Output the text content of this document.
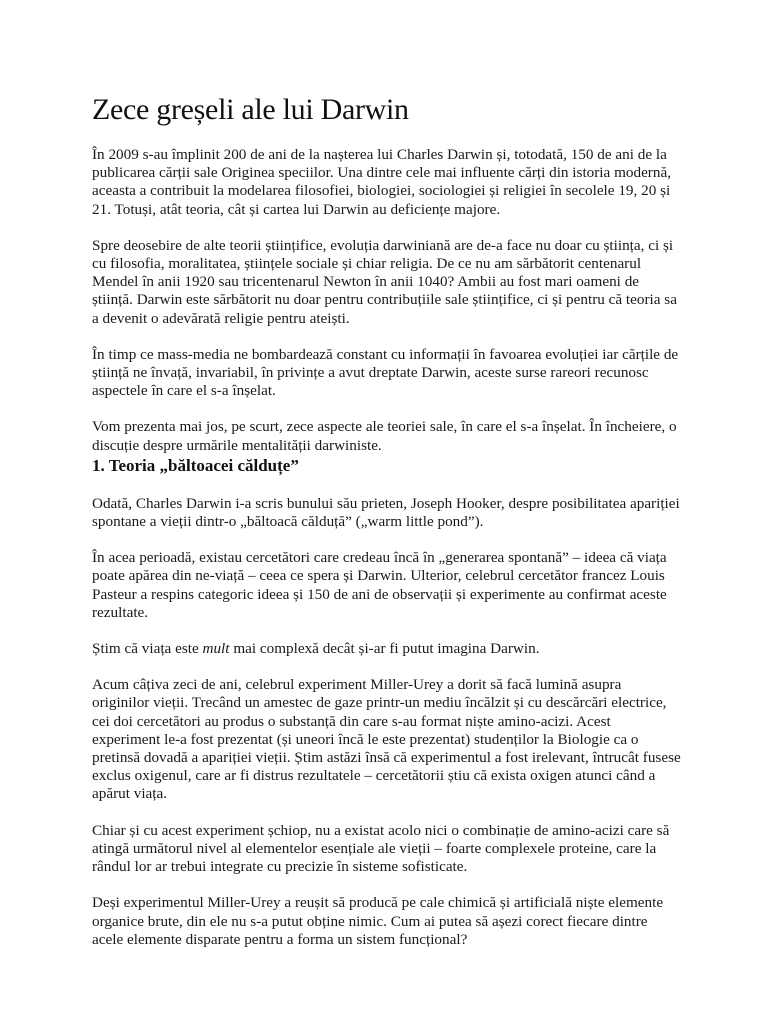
Zece greșeli ale lui Darwin

În 2009 s-au împlinit 200 de ani de la nașterea lui Charles Darwin și, totodată, 150 de ani de la publicarea cărții sale Originea speciilor. Una dintre cele mai influente cărți din istoria modernă, aceasta a contribuit la modelarea filosofiei, biologiei, sociologiei și religiei în secolele 19, 20 și 21. Totuși, atât teoria, cât și cartea lui Darwin au deficiențe majore.

Spre deosebire de alte teorii științifice, evoluția darwiniană are de-a face nu doar cu știința, ci și cu filosofia, moralitatea, științele sociale și chiar religia. De ce nu am sărbătorit centenarul Mendel în anii 1920 sau tricentenarul Newton în anii 1040? Ambii au fost mari oameni de știință. Darwin este sărbătorit nu doar pentru contribuțiile sale științifice, ci și pentru că teoria sa a devenit o adevărată religie pentru ateiști.

În timp ce mass-media ne bombardează constant cu informații în favoarea evoluției iar cărțile de știință ne învață, invariabil, în privințe a avut dreptate Darwin, aceste surse rareori recunosc aspectele în care el s-a înșelat.

Vom prezenta mai jos, pe scurt, zece aspecte ale teoriei sale, în care el s-a înșelat. În încheiere, o discuție despre urmările mentalității darwiniste.

1. Teoria „băltoacei călduțe”

Odată, Charles Darwin i-a scris bunului său prieten, Joseph Hooker, despre posibilitatea apariției spontane a vieții dintr-o „băltoacă călduță” („warm little pond”).

În acea perioadă, existau cercetători care credeau încă în „generarea spontană” – ideea că viața poate apărea din ne-viață – ceea ce spera și Darwin. Ulterior, celebrul cercetător francez Louis Pasteur a respins categoric ideea și 150 de ani de observații și experimente au confirmat aceste rezultate.

Știm că viața este mult mai complexă decât și-ar fi putut imagina Darwin.

Acum câțiva zeci de ani, celebrul experiment Miller-Urey a dorit să facă lumină asupra originilor vieții. Trecând un amestec de gaze printr-un mediu încălzit și cu descărcări electrice, cei doi cercetători au produs o substanță din care s-au format niște amino-acizi. Acest experiment le-a fost prezentat (și uneori încă le este prezentat) studenților la Biologie ca o pretinsă dovadă a apariției vieții. Știm astăzi însă că experimentul a fost irelevant, întrucât fusese exclus oxigenul, care ar fi distrus rezultatele – cercetătorii știu că exista oxigen atunci când a apărut viața.

Chiar și cu acest experiment șchiop, nu a existat acolo nici o combinație de amino-acizi care să atingă următorul nivel al elementelor esențiale ale vieții – foarte complexele proteine, care la rândul lor ar trebui integrate cu precizie în sisteme sofisticate.

Deși experimentul Miller-Urey a reușit să producă pe cale chimică și artificială niște elemente organice brute, din ele nu s-a putut obține nimic. Cum ai putea să așezi corect fiecare dintre acele elemente disparate pentru a forma un sistem funcțional?
